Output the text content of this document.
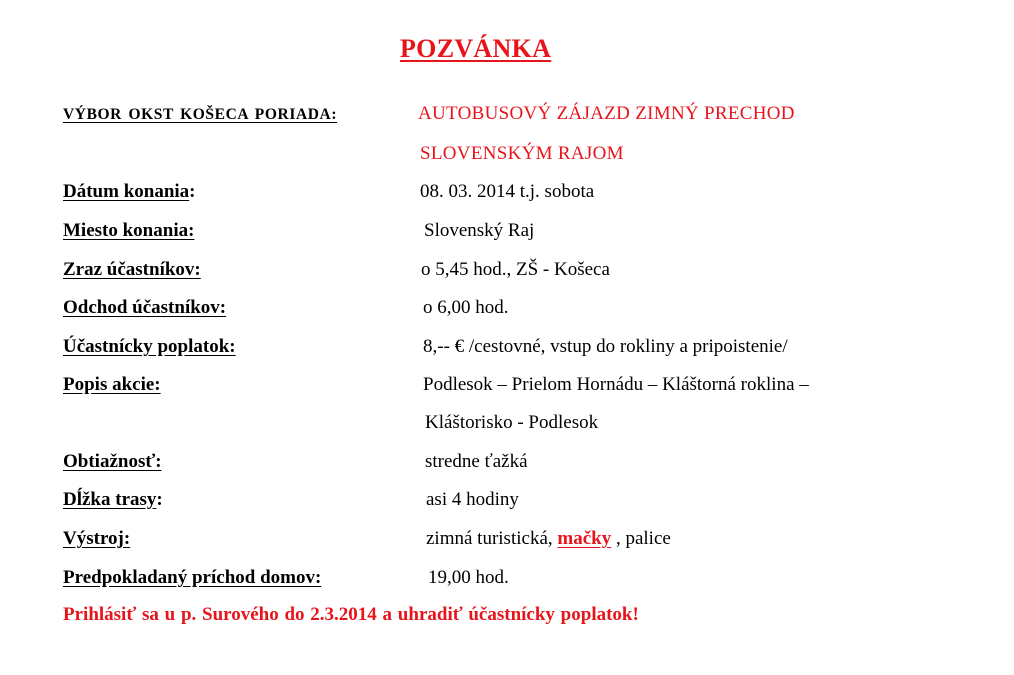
POZVÁNKA
VÝBOR OKST KOŠECA PORIADA:	AUTOBUSOVÝ ZÁJAZD ZIMNÝ PRECHOD
SLOVENSKÝM RAJOM
Dátum konania:	08. 03. 2014 t.j. sobota
Miesto konania:	Slovenský Raj
Zraz účastníkov:	o 5,45 hod., ZŠ - Košeca
Odchod účastníkov:	o 6,00 hod.
Účastnícky poplatok:	8,-- € /cestovné, vstup do rokliny a pripoistenie/
Popis akcie:	Podlesok – Prielom Hornádu – Kláštorná roklina –
Kláštorisko - Podlesok
Obtiažnosť:	stredne ťažká
Dĺžka trasy:	asi 4 hodiny
Výstroj:	zimná turistická, mačky , palice
Predpokladaný príchod domov:	19,00 hod.
Prihlásiť sa u p. Surového do 2.3.2014 a uhradiť účastnícky poplatok!
